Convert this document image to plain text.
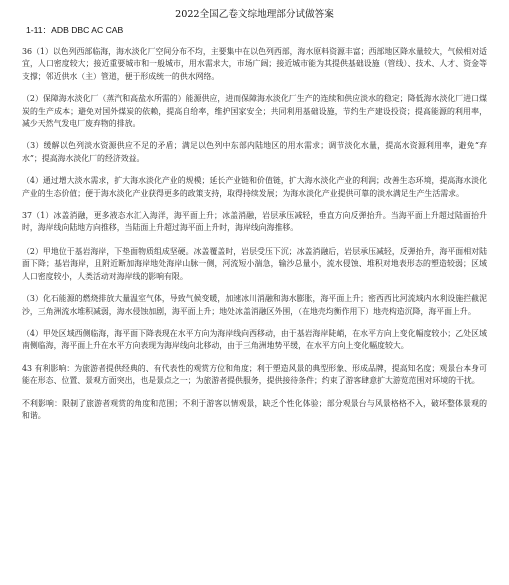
2022全国乙卷文综地理部分试做答案
1-11：ADB DBC AC CAB

36（1）以色列西部临海，海水淡化厂空间分布不均，主要集中在以色列西部，海水原料资源丰富；西部地区降水量较大，气候相对适宜，人口密度较大；接近重要城市和一般城市，用水需求大，市场广阔；接近城市能为其提供基础设施（管线）、技术、人才、资金等支撑；邻近供水（主）管道，便于形成统一的供水网络。

（2）保障海水淡化厂（蒸汽和高盐水所需的）能源供应，进而保障海水淡化厂生产的连续和供应淡水的稳定；降低海水淡化厂进口煤炭的生产成本；避免对国外煤炭的依赖，提高自给率，维护国家安全；共同利用基础设施，节约生产建设投资；提高能源的利用率，减少天然气发电厂废弃物的排放。

（3）缓解以色列淡水资源供应不足的矛盾；满足以色列中东部内陆地区的用水需求；调节淡化水量，提高水资源利用率，避免“弃水”；提高海水淡化厂的经济效益。

（4）通过增大淡水需求，扩大海水淡化产业的规模；延长产业链和价值链，扩大海水淡化产业的利润；改善生态环境，提高海水淡化产业的生态价值；便于海水淡化产业获得更多的政策支持，取得持续发展；为海水淡化产业提供可靠的淡水满足生产生活需求。

37（1）冰盖消融，更多液态水汇入海洋，海平面上升；冰盖消融，岩层承压减轻，垂直方向反弹抬升。当海平面上升超过陆面抬升时，海岸线向陆地方向推移，当陆面上升超过海平面上升时，海岸线向海推移。

（2）甲地位于基岩海岸，下垫面物质组成坚硬。冰盖覆盖时，岩层受压下沉；冰盖消融后，岩层承压减轻，反弹抬升，海平面相对陆面下降；基岩海岸，且附近断加海岸地处海岸山脉一侧，河流短小湍急，输沙总量小，流水侵蚀、堆积对地表形态的塑造较弱；区域人口密度较小，人类活动对海岸线的影响有限。

（3）化石能源的燃烧排放大量温室气体，导致气候变暖，加速冰川消融和海水膨胀，海平面上升；密西西比河流域内水利设施拦截泥沙，三角洲流水堆积减弱，海水侵蚀加剧，海平面上升；地处冰盖消融区外围，（在地壳均衡作用下）地壳构造沉降，海平面上升。

（4）甲处区域西侧临海，海平面下降表现在水平方向为海岸线向西移动，由于基岩海岸陡峭，在水平方向上变化幅度较小；乙处区域南侧临海，海平面上升在水平方向表现为海岸线向北移动，由于三角洲地势平缓，在水平方向上变化幅度较大。

43 有利影响：为旅游者提供经典的、有代表性的观赏方位和角度；利于塑造风景的典型形象、形成品牌，提高知名度；观景台本身可能在形态、位置、景观方面突出，也是景点之一；为旅游者提供服务，提供接待条件；约束了游客肆意扩大游览范围对环境的干扰。

不利影响：限制了旅游者观赏的角度和范围；不利于游客以情观景，缺乏个性化体验；部分观景台与风景格格不入，破坏整体景观的和谐。
